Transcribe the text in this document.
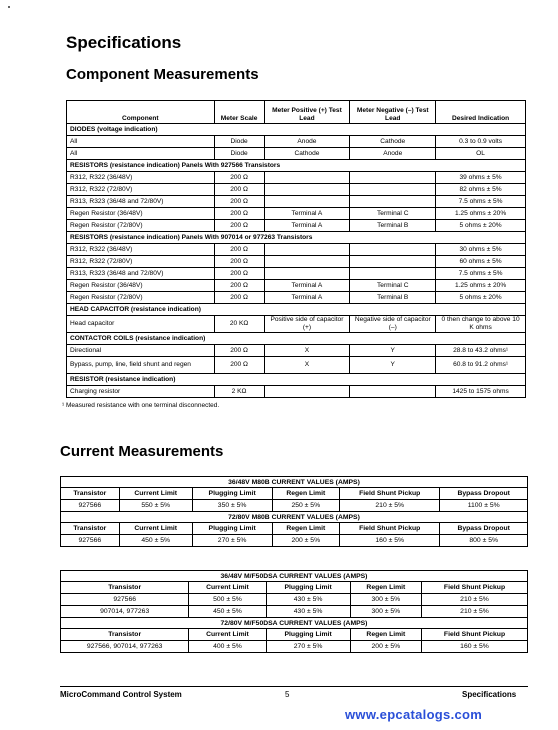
Specifications
Component Measurements
Component	Meter Scale	Meter Positive (+) Test Lead	Meter Negative (–) Test Lead	Desired Indication
DIODES (voltage indication)				
All	Diode	Anode	Cathode	0.3 to 0.9 volts
All	Diode	Cathode	Anode	OL
RESISTORS (resistance indication) Panels With 927566 Transistors				
R312, R322 (36/48V)	200 Ω			39 ohms ± 5%
R312, R322 (72/80V)	200 Ω			82 ohms ± 5%
R313, R323 (36/48 and 72/80V)	200 Ω			7.5 ohms ± 5%
Regen Resistor (36/48V)	200 Ω	Terminal A	Terminal C	1.25 ohms ± 20%
Regen Resistor (72/80V)	200 Ω	Terminal A	Terminal B	5 ohms ± 20%
RESISTORS (resistance indication) Panels With 907014 or 977263 Transistors				
R312, R322 (36/48V)	200 Ω			30 ohms ± 5%
R312, R322 (72/80V)	200 Ω			60 ohms ± 5%
R313, R323 (36/48 and 72/80V)	200 Ω			7.5 ohms ± 5%
Regen Resistor (36/48V)	200 Ω	Terminal A	Terminal C	1.25 ohms ± 20%
Regen Resistor (72/80V)	200 Ω	Terminal A	Terminal B	5 ohms ± 20%
HEAD CAPACITOR (resistance indication)				
Head capacitor	20 KΩ	Positive side of capacitor (+)	Negative side of capacitor (–)	0 then change to above 10 K ohms
CONTACTOR COILS (resistance indication)				
Directional	200 Ω	X	Y	28.8 to 43.2 ohms¹
Bypass, pump, line, field shunt and regen	200 Ω	X	Y	60.8 to 91.2 ohms¹
RESISTOR (resistance indication)				
Charging resistor	2 KΩ			1425 to 1575 ohms
¹ Measured resistance with one terminal disconnected.
Current Measurements
36/48V M80B CURRENT VALUES (AMPS)					
Transistor	Current Limit	Plugging Limit	Regen Limit	Field Shunt Pickup	Bypass Dropout
927566	550 ± 5%	350 ± 5%	250 ± 5%	210 ± 5%	1100 ± 5%
72/80V M80B CURRENT VALUES (AMPS)					
Transistor	Current Limit	Plugging Limit	Regen Limit	Field Shunt Pickup	Bypass Dropout
927566	450 ± 5%	270 ± 5%	200 ± 5%	160 ± 5%	800 ± 5%
36/48V M/F50DSA CURRENT VALUES (AMPS)				
Transistor	Current Limit	Plugging Limit	Regen Limit	Field Shunt Pickup
927566	500 ± 5%	430 ± 5%	300 ± 5%	210 ± 5%
907014, 977263	450 ± 5%	430 ± 5%	300 ± 5%	210 ± 5%
72/80V M/F50DSA CURRENT VALUES (AMPS)				
Transistor	Current Limit	Plugging Limit	Regen Limit	Field Shunt Pickup
927566, 907014, 977263	400 ± 5%	270 ± 5%	200 ± 5%	160 ± 5%
MicroCommand Control System	5	Specifications
www.epcatalogs.com
